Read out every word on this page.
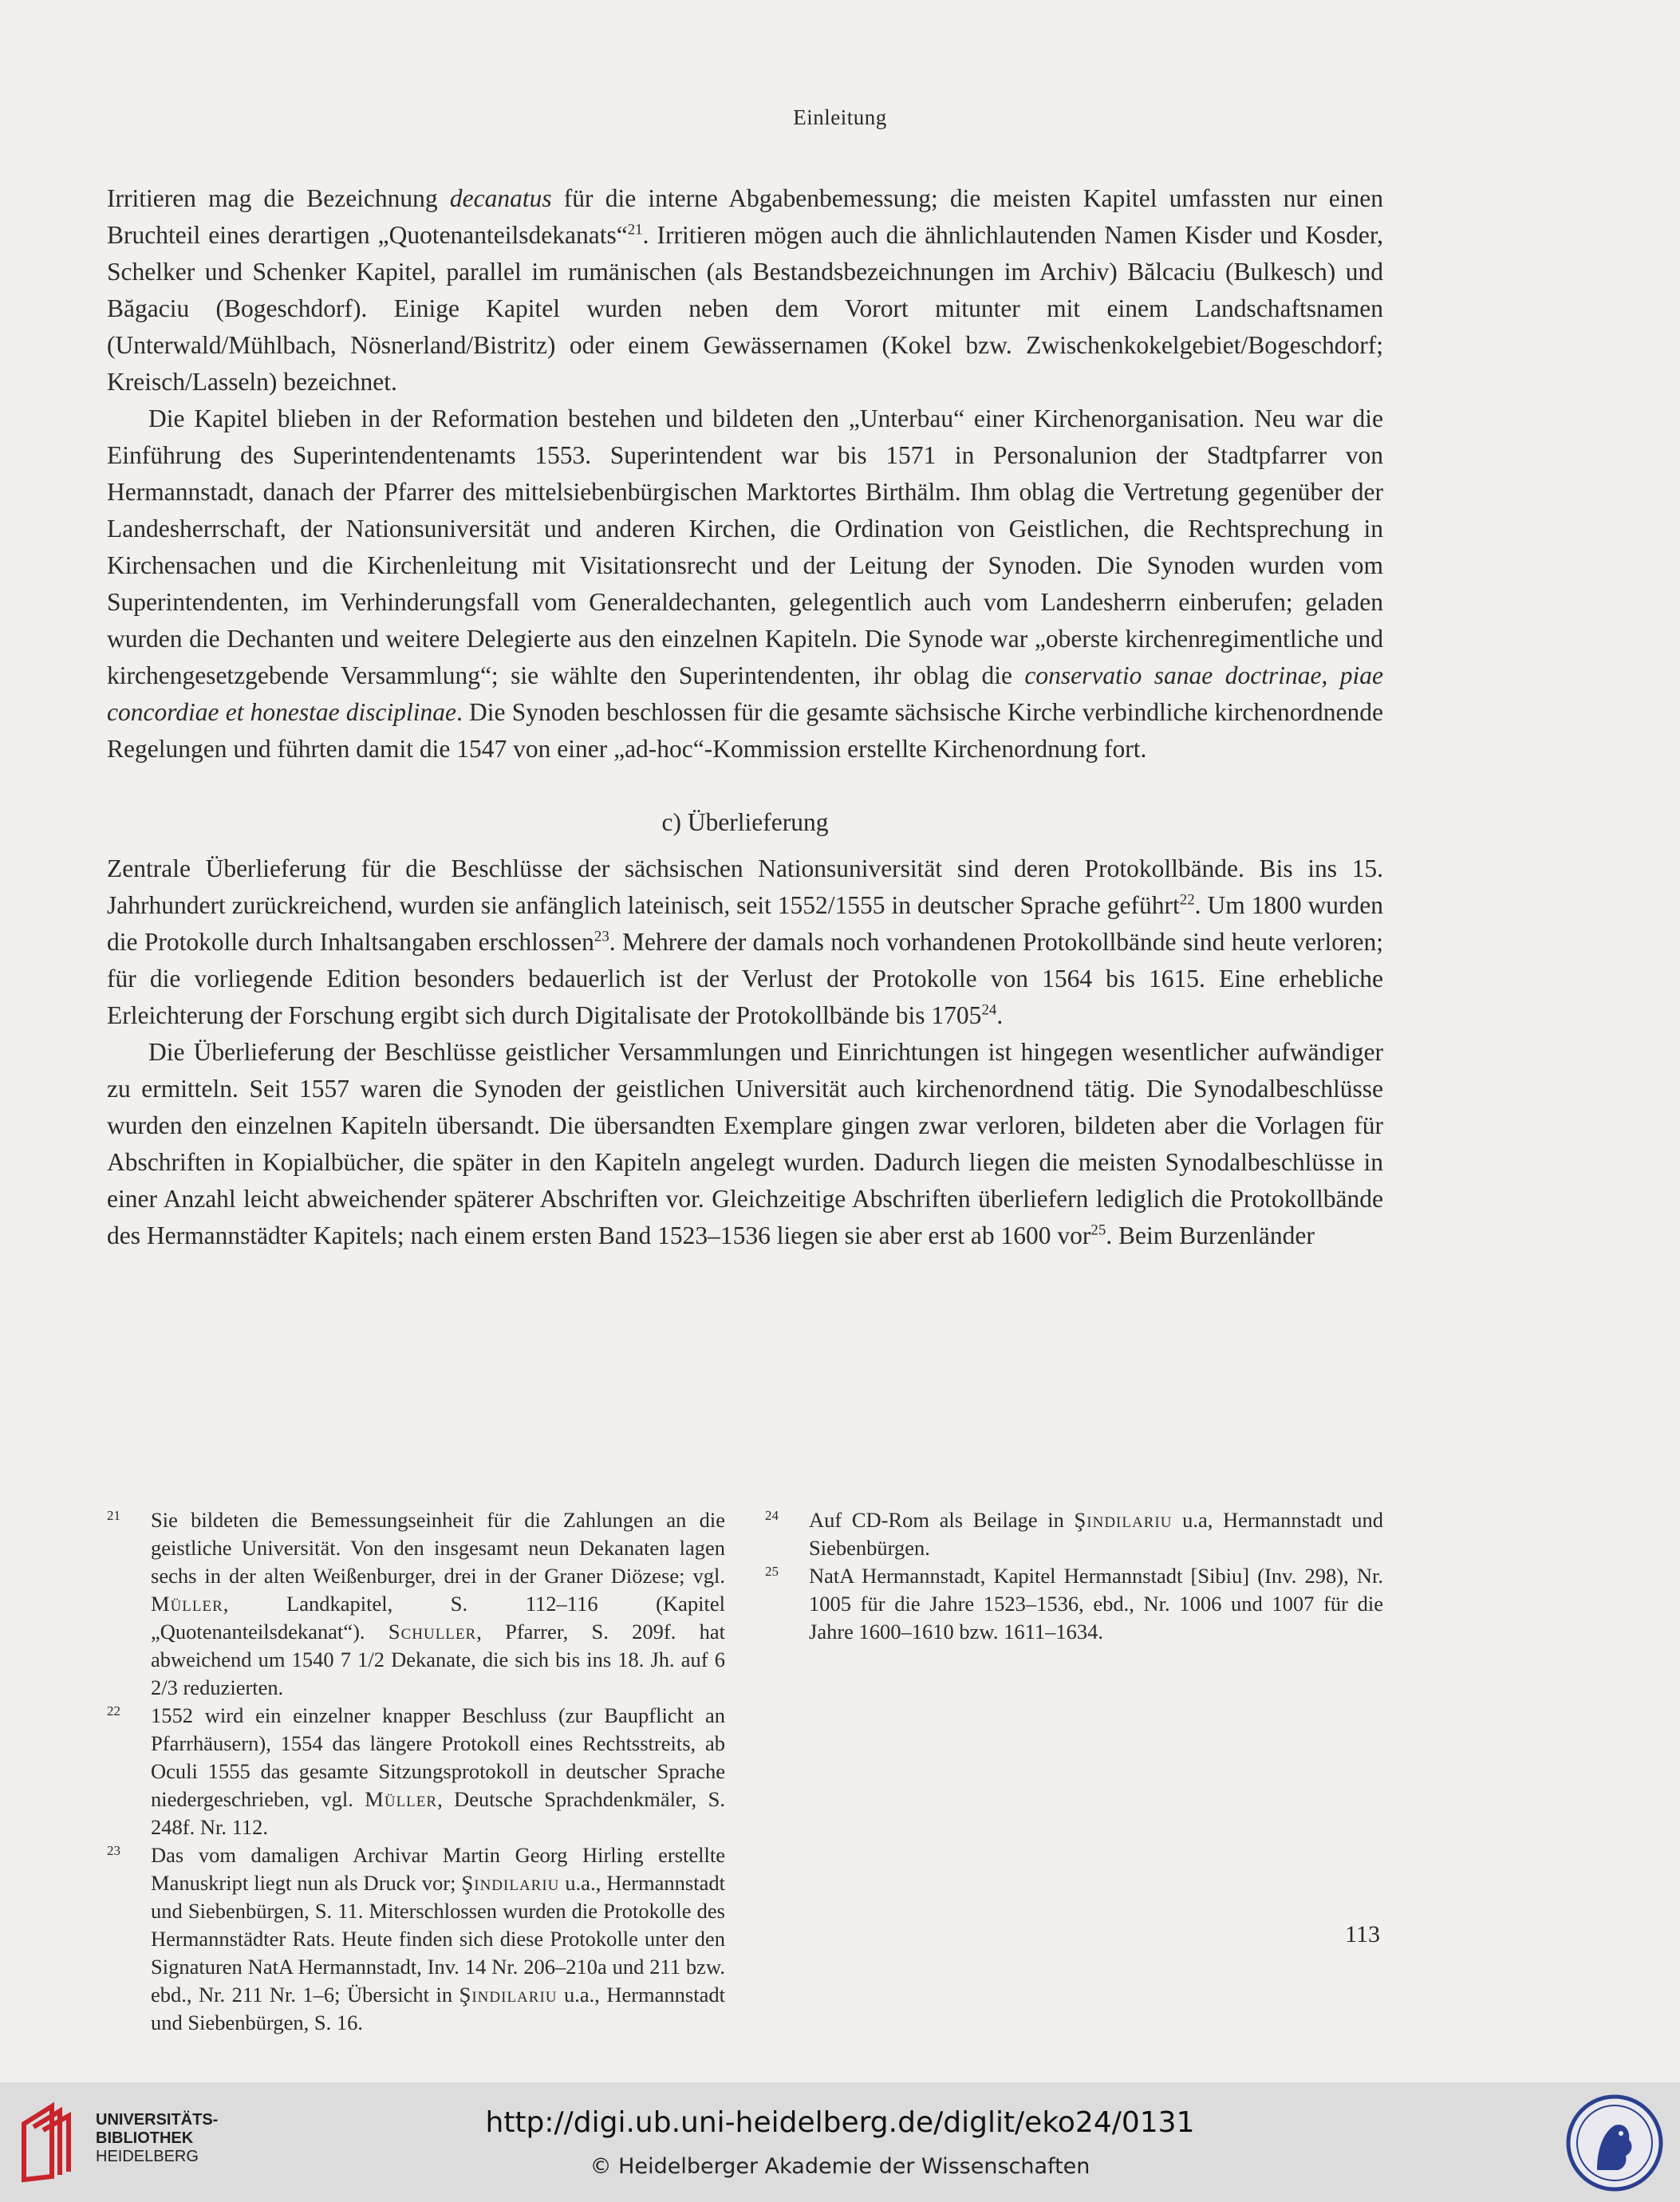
Einleitung

Irritieren mag die Bezeichnung decanatus für die interne Abgabenbemessung; die meisten Kapitel umfassten nur einen Bruchteil eines derartigen „Quotenanteilsdekanats“$^{21}$. Irritieren mögen auch die ähnlichlautenden Namen Kisder und Kosder, Schelker und Schenker Kapitel, parallel im rumänischen (als Bestandsbezeichnungen im Archiv) Bălcaciu (Bulkesch) und Băgaciu (Bogeschdorf). Einige Kapitel wurden neben dem Vorort mitunter mit einem Landschaftsnamen (Unterwald/Mühlbach, Nösnerland/Bistritz) oder einem Gewässernamen (Kokel bzw. Zwischenkokelgebiet/Bogeschdorf; Kreisch/Lasseln) bezeichnet.

Die Kapitel blieben in der Reformation bestehen und bildeten den „Unterbau“ einer Kirchenorganisation. Neu war die Einführung des Superintendentenamts 1553. Superintendent war bis 1571 in Personalunion der Stadtpfarrer von Hermannstadt, danach der Pfarrer des mittelsiebenbürgischen Marktortes Birthälm. Ihm oblag die Vertretung gegenüber der Landesherrschaft, der Nationsuniversität und anderen Kirchen, die Ordination von Geistlichen, die Rechtsprechung in Kirchensachen und die Kirchenleitung mit Visitationsrecht und der Leitung der Synoden. Die Synoden wurden vom Superintendenten, im Verhinderungsfall vom Generaldechanten, gelegentlich auch vom Landesherrn einberufen; geladen wurden die Dechanten und weitere Delegierte aus den einzelnen Kapiteln. Die Synode war „oberste kirchenregimentliche und kirchengesetzgebende Versammlung“; sie wählte den Superintendenten, ihr oblag die conservatio sanae doctrinae, piae concordiae et honestae disciplinae. Die Synoden beschlossen für die gesamte sächsische Kirche verbindliche kirchenordnende Regelungen und führten damit die 1547 von einer „ad-hoc“-Kommission erstellte Kirchenordnung fort.

c) Überlieferung

Zentrale Überlieferung für die Beschlüsse der sächsischen Nationsuniversität sind deren Protokollbände. Bis ins 15. Jahrhundert zurückreichend, wurden sie anfänglich lateinisch, seit 1552/1555 in deutscher Sprache geführt$^{22}$. Um 1800 wurden die Protokolle durch Inhaltsangaben erschlossen$^{23}$. Mehrere der damals noch vorhandenen Protokollbände sind heute verloren; für die vorliegende Edition besonders bedauerlich ist der Verlust der Protokolle von 1564 bis 1615. Eine erhebliche Erleichterung der Forschung ergibt sich durch Digitalisate der Protokollbände bis 1705$^{24}$.

Die Überlieferung der Beschlüsse geistlicher Versammlungen und Einrichtungen ist hingegen wesentlicher aufwändiger zu ermitteln. Seit 1557 waren die Synoden der geistlichen Universität auch kirchenordnend tätig. Die Synodalbeschlüsse wurden den einzelnen Kapiteln übersandt. Die übersandten Exemplare gingen zwar verloren, bildeten aber die Vorlagen für Abschriften in Kopialbücher, die später in den Kapiteln angelegt wurden. Dadurch liegen die meisten Synodalbeschlüsse in einer Anzahl leicht abweichender späterer Abschriften vor. Gleichzeitige Abschriften überliefern lediglich die Protokollbände des Hermannstädter Kapitels; nach einem ersten Band 1523–1536 liegen sie aber erst ab 1600 vor$^{25}$. Beim Burzenländer

21 Sie bildeten die Bemessungseinheit für die Zahlungen an die geistliche Universität. Von den insgesamt neun Dekanaten lagen sechs in der alten Weißenburger, drei in der Graner Diözese; vgl. Müller, Landkapitel, S. 112–116 (Kapitel „Quotenanteilsdekanat“). Schuller, Pfarrer, S. 209f. hat abweichend um 1540 7 1/2 Dekanate, die sich bis ins 18. Jh. auf 6 2/3 reduzierten.

22 1552 wird ein einzelner knapper Beschluss (zur Baupflicht an Pfarrhäusern), 1554 das längere Protokoll eines Rechtsstreits, ab Oculi 1555 das gesamte Sitzungsprotokoll in deutscher Sprache niedergeschrieben, vgl. Müller, Deutsche Sprachdenkmäler, S. 248f. Nr. 112.

23 Das vom damaligen Archivar Martin Georg Hirling erstellte Manuskript liegt nun als Druck vor; Şindilariu u.a., Hermannstadt und Siebenbürgen, S. 11. Miterschlossen wurden die Protokolle des Hermannstädter Rats. Heute finden sich diese Protokolle unter den Signaturen NatA Hermannstadt, Inv. 14 Nr. 206–210a und 211 bzw. ebd., Nr. 211 Nr. 1–6; Übersicht in Şindilariu u.a., Hermannstadt und Siebenbürgen, S. 16.

24 Auf CD-Rom als Beilage in Şindilariu u.a, Hermannstadt und Siebenbürgen.

25 NatA Hermannstadt, Kapitel Hermannstadt [Sibiu] (Inv. 298), Nr. 1005 für die Jahre 1523–1536, ebd., Nr. 1006 und 1007 für die Jahre 1600–1610 bzw. 1611–1634.

113
UNIVERSITÄTS-
BIBLIOTHEK
HEIDELBERG
http://digi.ub.uni-heidelberg.de/diglit/eko24/0131
© Heidelberger Akademie der Wissenschaften
